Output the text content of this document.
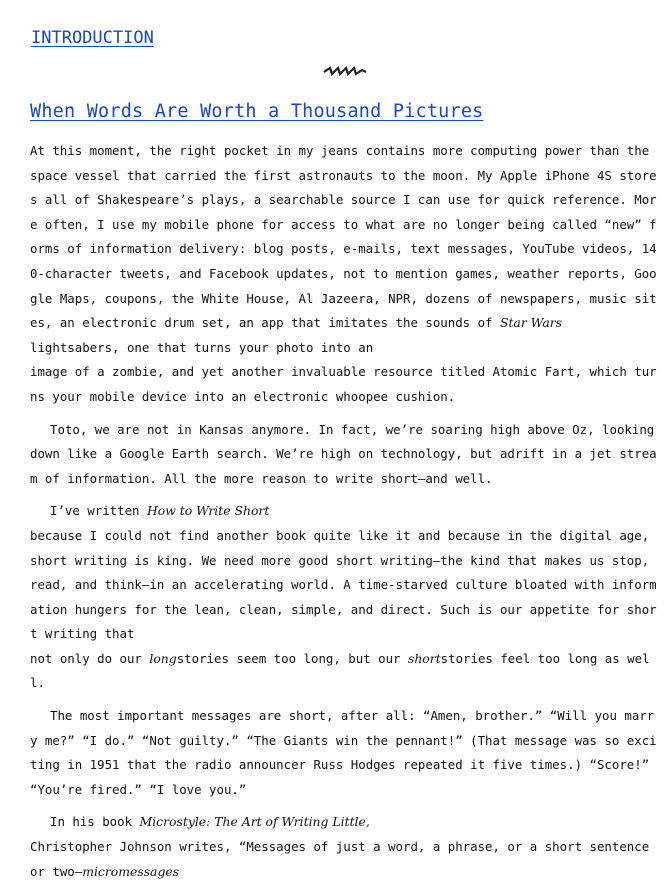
INTRODUCTION
When Words Are Worth a Thousand Pictures

At this moment, the right pocket in my jeans contains more computing power than the space vessel that carried the first astronauts to the moon. My Apple iPhone 4S stores all of Shakespeare’s plays, a searchable source I can use for quick reference. More often, I use my mobile phone for access to what are no longer being called “new” forms of information delivery: blog posts, e-mails, text messages, YouTube videos, 140-character tweets, and Facebook updates, not to mention games, weather reports, Google Maps, coupons, the White House, Al Jazeera, NPR, dozens of newspapers, music sites, an electronic drum set, an app that imitates the sounds of Star Wars
lightsabers, one that turns your photo into an
image of a zombie, and yet another invaluable resource titled Atomic Fart, which turns your mobile device into an electronic whoopee cushion.

Toto, we are not in Kansas anymore. In fact, we’re soaring high above Oz, looking down like a Google Earth search. We’re high on technology, but adrift in a jet stream of information. All the more reason to write short—and well.

I’ve written How to Write Short
because I could not find another book quite like it and because in the digital age, short writing is king. We need more good short writing—the kind that makes us stop, read, and think—in an accelerating world. A time-starved culture bloated with information hungers for the lean, clean, simple, and direct. Such is our appetite for short writing that
not only do our longstories seem too long, but our shortstories feel too long as well.

The most important messages are short, after all: “Amen, brother.” “Will you marry me?” “I do.” “Not guilty.” “The Giants win the pennant!” (That message was so exciting in 1951 that the radio announcer Russ Hodges repeated it five times.) “Score!” “You’re fired.” “I love you.”

In his book Microstyle: The Art of Writing Little,
Christopher Johnson writes, “Messages of just a word, a phrase, or a short sentence or two—micromessages
